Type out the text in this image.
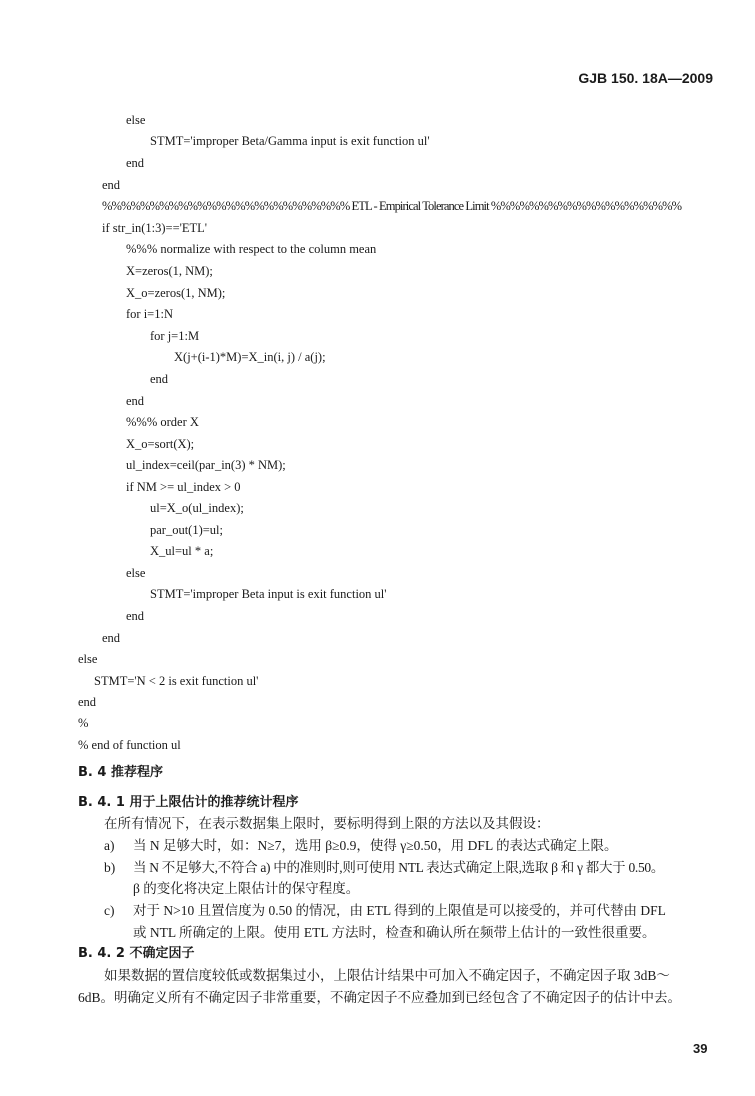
GJB 150. 18A—2009
else
STMT='improper Beta/Gamma input is exit function ul'
end
end
%%%%%%%%%%%%%%%%%%%%%%%%%% ETL - Empirical Tolerance Limit %%%%%%%%%%%%%%%%%%%%
if str_in(1:3)=='ETL'
%%% normalize with respect to the column mean
X=zeros(1, NM);
X_o=zeros(1, NM);
for i=1:N
for j=1:M
X(j+(i-1)*M)=X_in(i, j) / a(j);
end
end
%%% order X
X_o=sort(X);
ul_index=ceil(par_in(3) * NM);
if NM >= ul_index > 0
ul=X_o(ul_index);
par_out(1)=ul;
X_ul=ul * a;
else
STMT='improper Beta input is exit function ul'
end
end
else
STMT='N < 2 is exit function ul'
end
%
% end of function ul
B. 4 推荐程序
B. 4. 1 用于上限估计的推荐统计程序
在所有情况下，在表示数据集上限时，要标明得到上限的方法以及其假设：
a) 当 N 足够大时，如：N≥7，选用 β≥0.9，使得 γ≥0.50，用 DFL 的表达式确定上限。
b) 当 N 不足够大,不符合 a) 中的准则时,则可使用 NTL 表达式确定上限,选取 β 和 γ 都大于 0.50。
β 的变化将决定上限估计的保守程度。
c) 对于 N>10 且置信度为 0.50 的情况，由 ETL 得到的上限值是可以接受的，并可代替由 DFL
或 NTL 所确定的上限。使用 ETL 方法时，检查和确认所在频带上估计的一致性很重要。
B. 4. 2 不确定因子
如果数据的置信度较低或数据集过小，上限估计结果中可加入不确定因子，不确定因子取 3dB～
6dB。明确定义所有不确定因子非常重要，不确定因子不应叠加到已经包含了不确定因子的估计中去。
39
